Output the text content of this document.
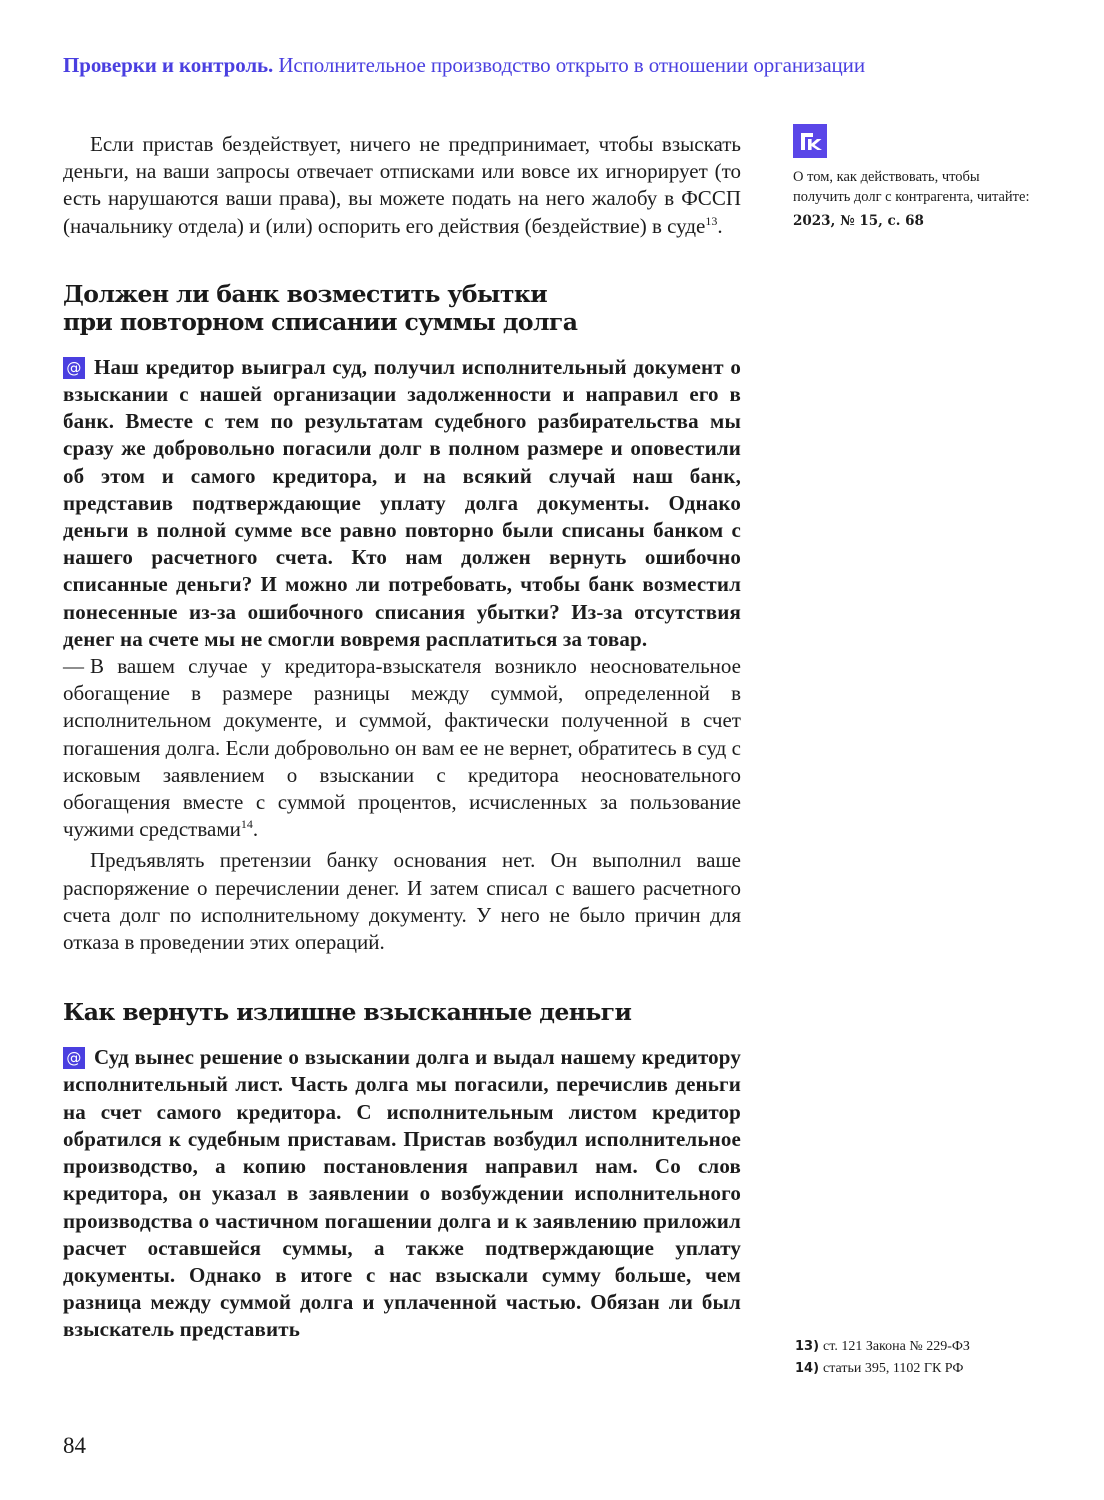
Проверки и контроль. Исполнительное производство открыто в отношении организации

Если пристав бездействует, ничего не предпринимает, чтобы взыскать деньги, на ваши запросы отвечает отписками или вовсе их игнорирует (то есть нарушаются ваши права), вы можете подать на него жалобу в ФССП (начальнику отдела) и (или) оспорить его действия (бездействие) в суде$^{13}$.

Должен ли банк возместить убытки
при повторном списании суммы долга

@ Наш кредитор выиграл суд, получил исполнительный документ о взыскании с нашей организации задолженности и направил его в банк. Вместе с тем по результатам судебного разбирательства мы сразу же добровольно погасили долг в полном размере и оповестили об этом и самого кредитора, и на всякий случай наш банк, представив подтверждающие уплату долга документы. Однако деньги в полной сумме все равно повторно были списаны банком с нашего расчетного счета. Кто нам должен вернуть ошибочно списанные деньги? И можно ли потребовать, чтобы банк возместил понесенные из-за ошибочного списания убытки? Из-за отсутствия денег на счете мы не смогли вовремя расплатиться за товар.

— В вашем случае у кредитора-взыскателя возникло неосновательное обогащение в размере разницы между суммой, определенной в исполнительном документе, и суммой, фактически полученной в счет погашения долга. Если добровольно он вам ее не вернет, обратитесь в суд с исковым заявлением о взыскании с кредитора неосновательного обогащения вместе с суммой процентов, исчисленных за пользование чужими средствами$^{14}$.

Предъявлять претензии банку основания нет. Он выполнил ваше распоряжение о перечислении денег. И затем списал с вашего расчетного счета долг по исполнительному документу. У него не было причин для отказа в проведении этих операций.

Как вернуть излишне взысканные деньги

@ Суд вынес решение о взыскании долга и выдал нашему кредитору исполнительный лист. Часть долга мы погасили, перечислив деньги на счет самого кредитора. С исполнительным листом кредитор обратился к судебным приставам. Пристав возбудил исполнительное производство, а копию постановления направил нам. Со слов кредитора, он указал в заявлении о возбуждении исполнительного производства о частичном погашении долга и к заявлению приложил расчет оставшейся суммы, а также подтверждающие уплату документы. Однако в итоге с нас взыскали сумму больше, чем разница между суммой долга и уплаченной частью. Обязан ли был взыскатель представить

О том, как действовать, чтобы получить долг с контрагента, читайте:
2023, № 15, с. 68
13) ст. 121 Закона № 229-ФЗ
14) статьи 395, 1102 ГК РФ
84
